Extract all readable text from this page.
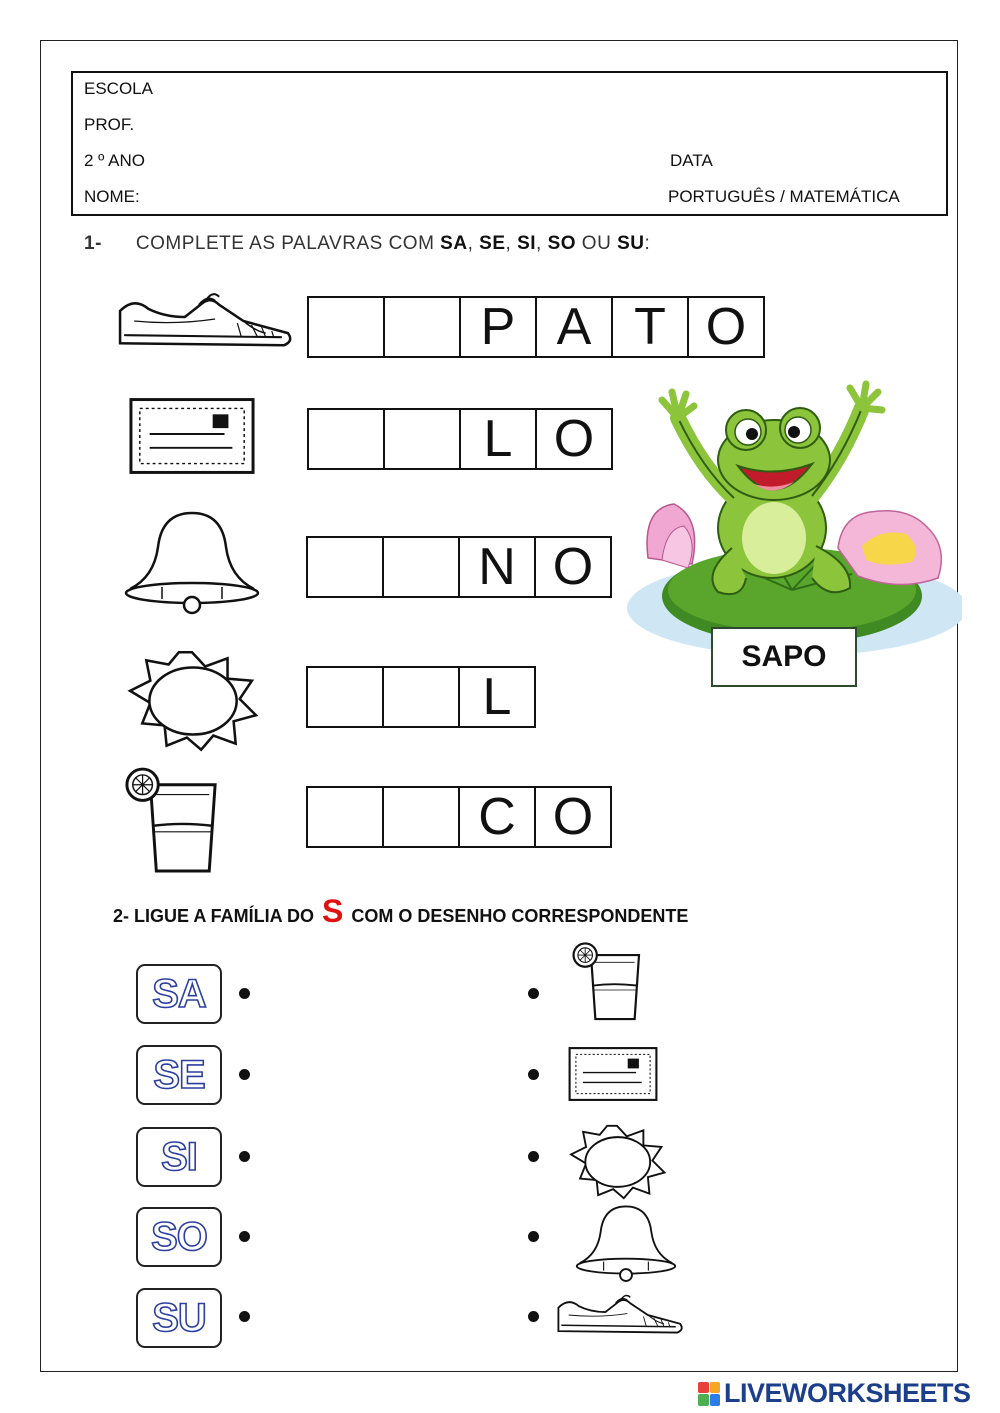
ESCOLA
PROF.
2 º ANO	DATA
NOME:	PORTUGUÊS / MATEMÁTICA
1- COMPLETE AS PALAVRAS COM SA, SE, SI, SO OU SU:
P A T O
L O
N O
L
C O
SAPO
2- LIGUE A FAMÍLIA DO S COM O DESENHO CORRESPONDENTE
SA
SE
SI
SO
SU
LIVEWORKSHEETS
